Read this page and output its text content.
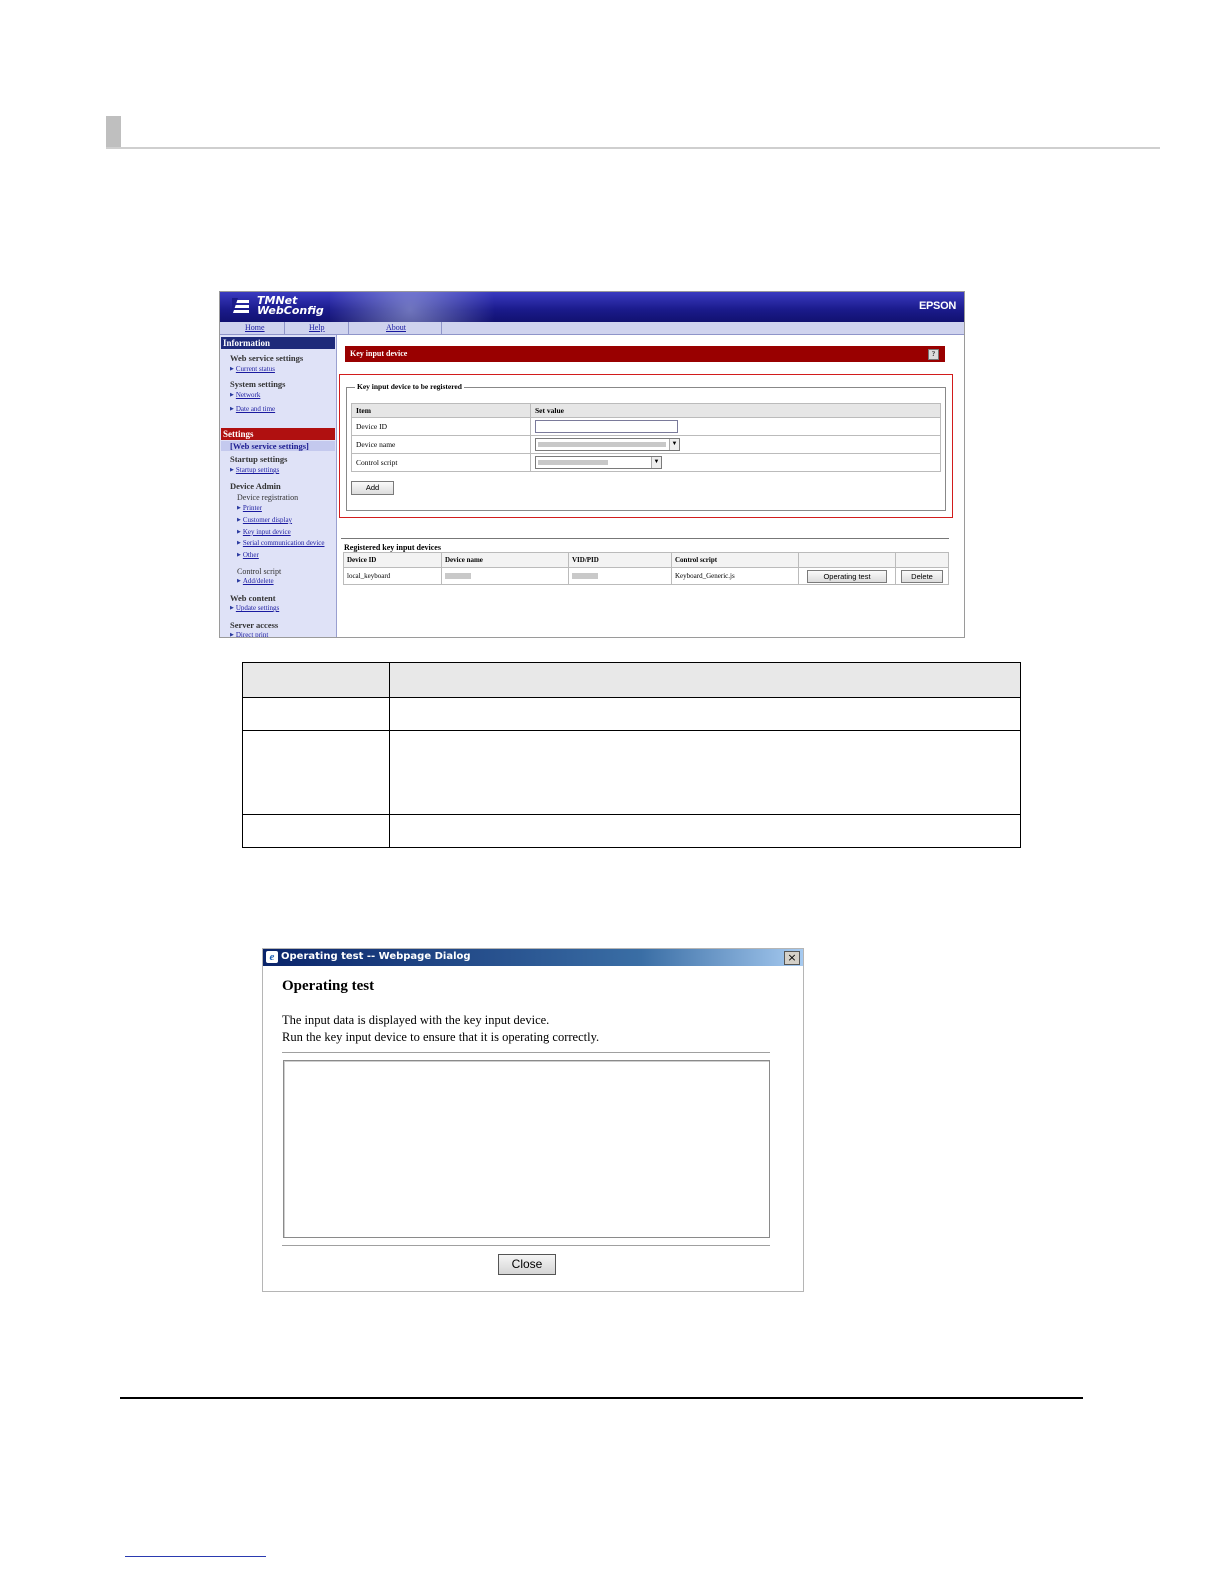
TMNet
WebConfig	EPSON
Home	Help	About
Information
Web service settings
▶ Current status
System settings
▶ Network
▶ Date and time
Settings
[Web service settings]
Startup settings
▶ Startup settings
Device Admin
Device registration
▶ Printer
▶ Customer display
▶ Key input device
▶ Serial communication device
▶ Other
Control script
▶ Add/delete
Web content
▶ Update settings
Server access
▶ Direct print
Key input device	?
Key input device to be registered
Item	Set value
Device ID	
Device name	▼

Control script	▼
Add
Registered key input devices
Device ID	Device name	VID/PID	Control script		
local_keyboard			Keyboard_Generic.js	Operating test	Delete

e Operating test -- Webpage Dialog	×
Operating test
The input data is displayed with the key input device.
Run the key input device to ensure that it is operating correctly.
Close
